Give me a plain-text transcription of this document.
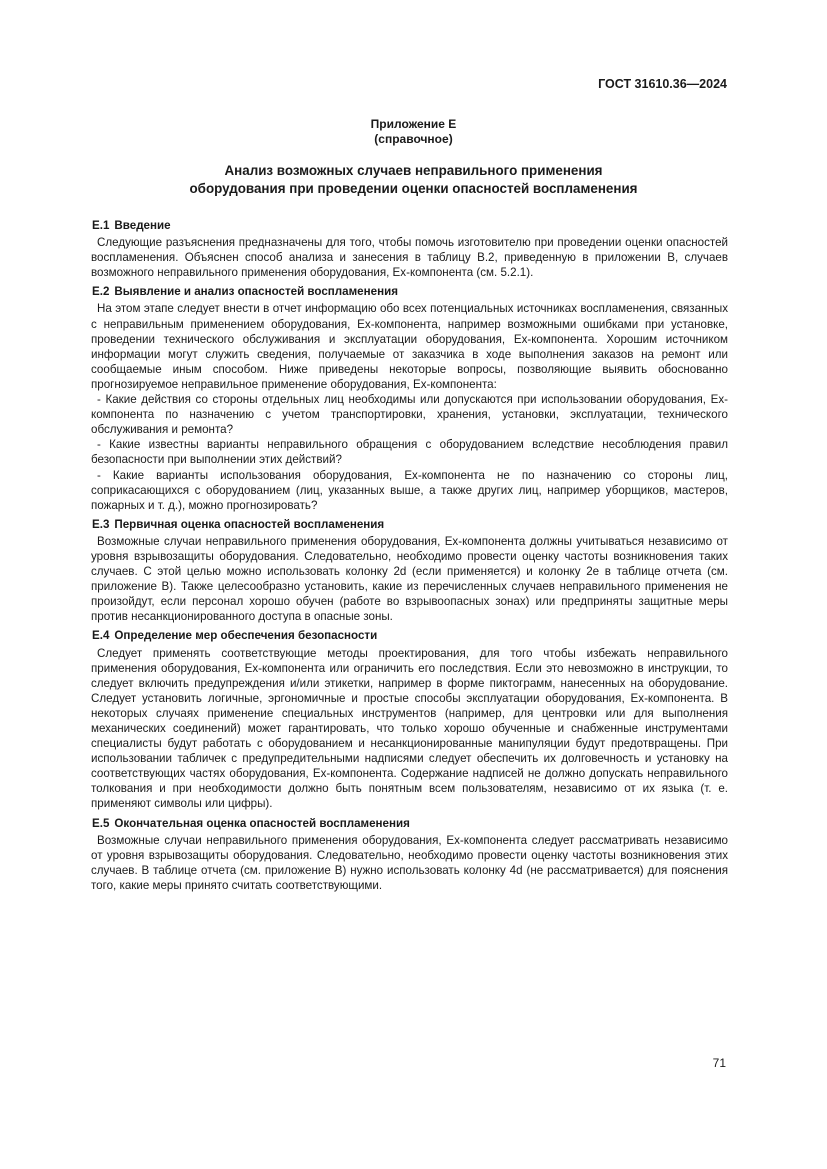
ГОСТ 31610.36—2024
Приложение Е
(справочное)
Анализ возможных случаев неправильного применения
оборудования при проведении оценки опасностей воспламенения
Е.1 Введение

Следующие разъяснения предназначены для того, чтобы помочь изготовителю при проведении оценки опасностей воспламенения. Объяснен способ анализа и занесения в таблицу В.2, приведенную в приложении В, случаев возможного неправильного применения оборудования, Ex-компонента (см. 5.2.1).

Е.2 Выявление и анализ опасностей воспламенения

На этом этапе следует внести в отчет информацию обо всех потенциальных источниках воспламенения, связанных с неправильным применением оборудования, Ex-компонента, например возможными ошибками при установке, проведении технического обслуживания и эксплуатации оборудования, Ex-компонента. Хорошим источником информации могут служить сведения, получаемые от заказчика в ходе выполнения заказов на ремонт или сообщаемые иным способом. Ниже приведены некоторые вопросы, позволяющие выявить обоснованно прогнозируемое неправильное применение оборудования, Ex-компонента:

- Какие действия со стороны отдельных лиц необходимы или допускаются при использовании оборудования, Ex-компонента по назначению с учетом транспортировки, хранения, установки, эксплуатации, технического обслуживания и ремонта?

- Какие известны варианты неправильного обращения с оборудованием вследствие несоблюдения правил безопасности при выполнении этих действий?

- Какие варианты использования оборудования, Ex-компонента не по назначению со стороны лиц, соприкасающихся с оборудованием (лиц, указанных выше, а также других лиц, например уборщиков, мастеров, пожарных и т. д.), можно прогнозировать?

Е.3 Первичная оценка опасностей воспламенения

Возможные случаи неправильного применения оборудования, Ex-компонента должны учитываться независимо от уровня взрывозащиты оборудования. Следовательно, необходимо провести оценку частоты возникновения таких случаев. С этой целью можно использовать колонку 2d (если применяется) и колонку 2е в таблице отчета (см. приложение В). Также целесообразно установить, какие из перечисленных случаев неправильного применения не произойдут, если персонал хорошо обучен (работе во взрывоопасных зонах) или предприняты защитные меры против несанкционированного доступа в опасные зоны.

Е.4 Определение мер обеспечения безопасности

Следует применять соответствующие методы проектирования, для того чтобы избежать неправильного применения оборудования, Ex-компонента или ограничить его последствия. Если это невозможно в инструкции, то следует включить предупреждения и/или этикетки, например в форме пиктограмм, нанесенных на оборудование. Следует установить логичные, эргономичные и простые способы эксплуатации оборудования, Ex-компонента. В некоторых случаях применение специальных инструментов (например, для центровки или для выполнения механических соединений) может гарантировать, что только хорошо обученные и снабженные инструментами специалисты будут работать с оборудованием и несанкционированные манипуляции будут предотвращены. При использовании табличек с предупредительными надписями следует обеспечить их долговечность и установку на соответствующих частях оборудования, Ex-компонента. Содержание надписей не должно допускать неправильного толкования и при необходимости должно быть понятным всем пользователям, независимо от их языка (т. е. применяют символы или цифры).

Е.5 Окончательная оценка опасностей воспламенения

Возможные случаи неправильного применения оборудования, Ex-компонента следует рассматривать независимо от уровня взрывозащиты оборудования. Следовательно, необходимо провести оценку частоты возникновения этих случаев. В таблице отчета (см. приложение В) нужно использовать колонку 4d (не рассматривается) для пояснения того, какие меры принято считать соответствующими.

71
